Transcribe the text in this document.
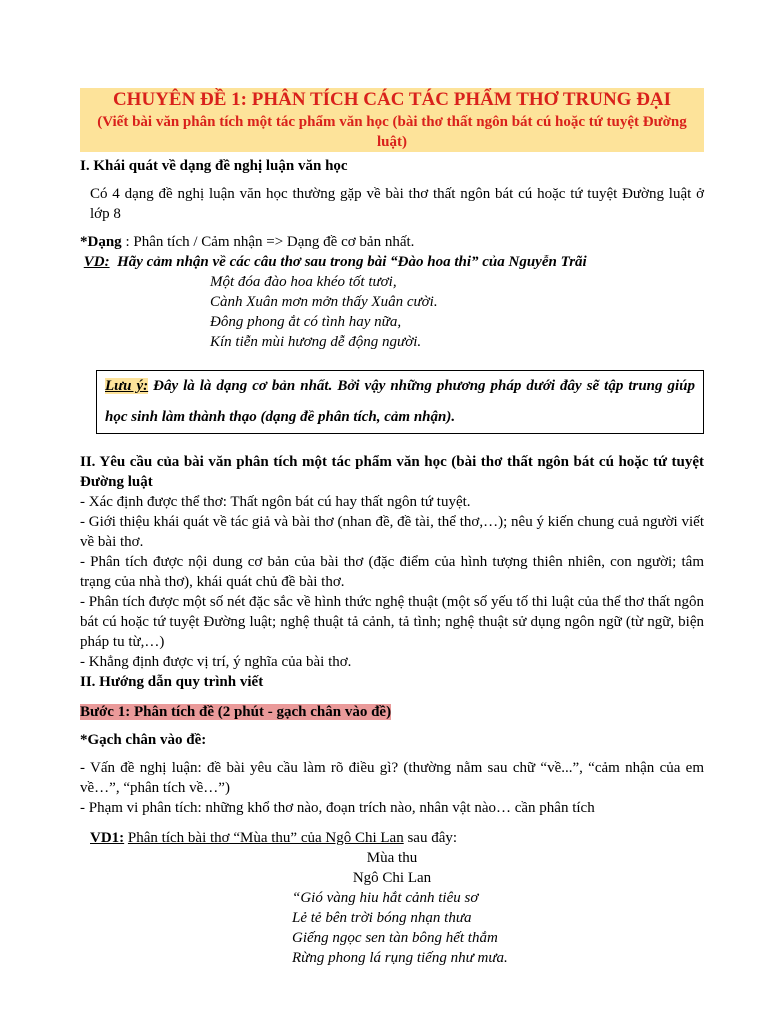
CHUYÊN ĐỀ 1: PHÂN TÍCH CÁC TÁC PHẨM THƠ TRUNG ĐẠI
(Viết bài văn phân tích một tác phẩm văn học (bài thơ thất ngôn bát cú hoặc tứ tuyệt Đường luật)
I. Khái quát về dạng đề nghị luận văn học
Có 4 dạng đề nghị luận văn học thường gặp về bài thơ thất ngôn bát cú hoặc tứ tuyệt Đường luật ở lớp 8
*Dạng : Phân tích / Cảm nhận => Dạng đề cơ bản nhất.
VD:  Hãy cảm nhận về các câu thơ sau trong bài “Đào hoa thi” của Nguyễn Trãi
Một đóa đào hoa khéo tốt tươi,
Cành Xuân mơn mởn thấy Xuân cười.
Đông phong ắt có tình hay nữa,
Kín tiễn mùi hương dễ động người.
Lưu ý: Đây là là dạng cơ bản nhất. Bởi vậy những phương pháp dưới đây sẽ tập trung giúp học sinh làm thành thạo (dạng đề phân tích, cảm nhận).
II. Yêu cầu của bài văn phân tích một tác phẩm văn học (bài thơ thất ngôn bát cú hoặc tứ tuyệt Đường luật
- Xác định được thể thơ: Thất ngôn bát cú hay thất ngôn tứ tuyệt.
- Giới thiệu khái quát về tác giả và bài thơ (nhan đề, đề tài, thể thơ,…); nêu ý kiến chung cuả người viết về bài thơ.
- Phân tích được nội dung cơ bản của bài thơ (đặc điểm của hình tượng thiên nhiên, con người; tâm trạng của nhà thơ), khái quát chủ đề bài thơ.
- Phân tích được một số nét đặc sắc về hình thức nghệ thuật (một số yếu tố thi luật của thể thơ thất ngôn bát cú hoặc tứ tuyệt Đường luật; nghệ thuật tả cảnh, tả tình; nghệ thuật sử dụng ngôn ngữ (từ ngữ, biện pháp tu từ,…)
- Khẳng định được vị trí, ý nghĩa của bài thơ.
II. Hướng dẫn quy trình viết
Bước 1: Phân tích đề (2 phút - gạch chân vào đề)
*Gạch chân vào đề:
- Vấn đề nghị luận: đề bài yêu cầu làm rõ điều gì? (thường nằm sau chữ “về...”, “cảm nhận của em về…”, “phân tích về…”)
- Phạm vi phân tích: những khổ thơ nào, đoạn trích nào, nhân vật nào… cần phân tích
VD1: Phân tích bài thơ “Mùa thu” của Ngô Chi Lan sau đây:
Mùa thu
Ngô Chi Lan
“Gió vàng hiu hắt cảnh tiêu sơ
Lẻ tẻ bên trời bóng nhạn thưa
Giếng ngọc sen tàn bông hết thắm
Rừng phong lá rụng tiếng như mưa.
